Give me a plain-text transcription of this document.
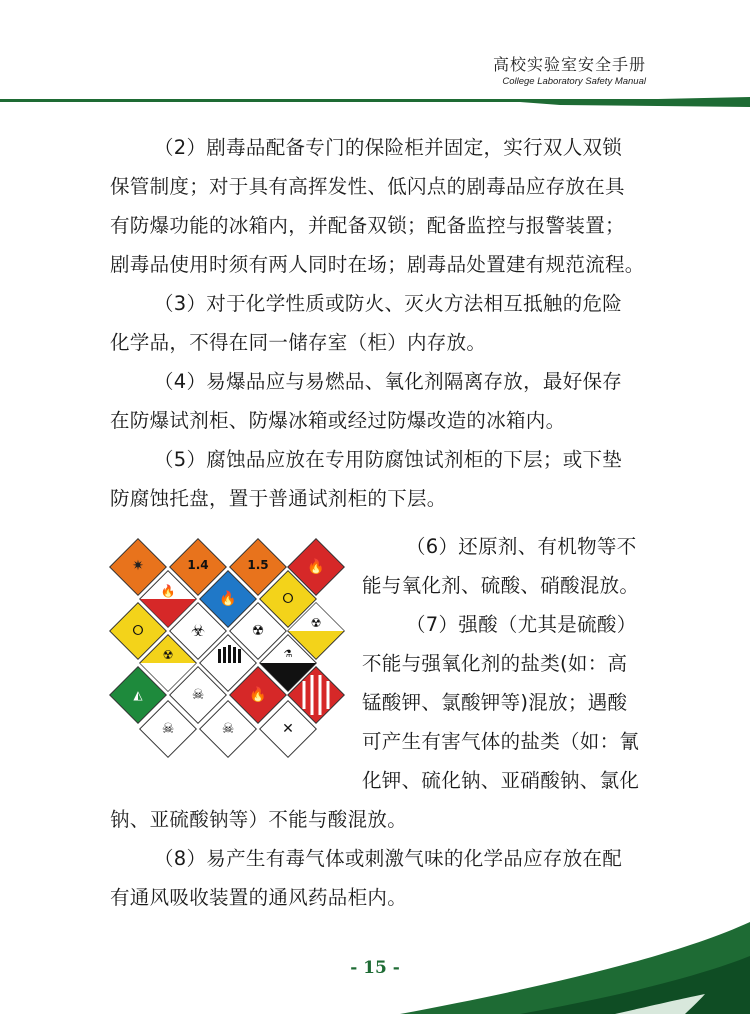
高校实验室安全手册
College Laboratory Safety Manual
（2）剧毒品配备专门的保险柜并固定，实行双人双锁
保管制度；对于具有高挥发性、低闪点的剧毒品应存放在具
有防爆功能的冰箱内，并配备双锁；配备监控与报警装置；
剧毒品使用时须有两人同时在场；剧毒品处置建有规范流程。
（3）对于化学性质或防火、灭火方法相互抵触的危险
化学品，不得在同一储存室（柜）内存放。
（4）易爆品应与易燃品、氧化剂隔离存放，最好保存
在防爆试剂柜、防爆冰箱或经过防爆改造的冰箱内。
（5）腐蚀品应放在专用防腐蚀试剂柜的下层；或下垫
防腐蚀托盘，置于普通试剂柜的下层。
✷	1.4	1.5	🔥
🔥	🔥	⭘
⭘	☣	☢	☢
☢	⚗
◭	☠	🔥
☠	☠	✕
（6）还原剂、有机物等不
能与氧化剂、硫酸、硝酸混放。
（7）强酸（尤其是硫酸）
不能与强氧化剂的盐类(如：高
锰酸钾、氯酸钾等)混放；遇酸
可产生有害气体的盐类（如：氰
化钾、硫化钠、亚硝酸钠、氯化
钠、亚硫酸钠等）不能与酸混放。
（8）易产生有毒气体或刺激气味的化学品应存放在配
有通风吸收装置的通风药品柜内。
- 15 -
